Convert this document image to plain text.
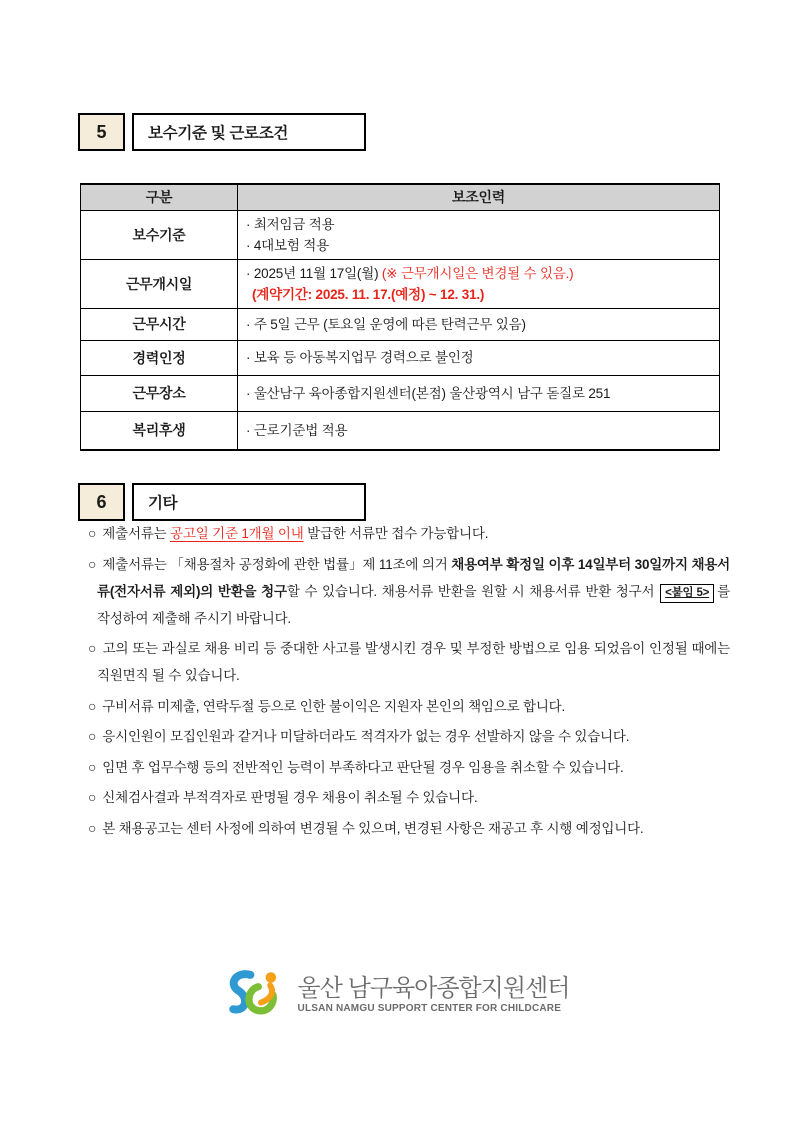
5	보수기준 및 근로조건
구분	보조인력
보수기준	· 최저임금 적용
· 4대보험 적용

근무개시일	· 2025년 11월 17일(월) (※ 근무개시일은 변경될 수 있음.)
(계약기간: 2025. 11. 17.(예정) ~ 12. 31.)

근무시간	· 주 5일 근무 (토요일 운영에 따른 탄력근무 있음)

경력인정	· 보육 등 아동복지업무 경력으로 불인정

근무장소	· 울산남구 육아종합지원센터(본점) 울산광역시 남구 돋질로 251

복리후생	· 근로기준법 적용
6	기타
○ 제출서류는 공고일 기준 1개월 이내 발급한 서류만 접수 가능합니다.
○ 제출서류는 「채용절차 공정화에 관한 법률」제 11조에 의거 채용여부 확정일 이후 14일부터 30일까지 채용서류(전자서류 제외)의 반환을 청구할 수 있습니다. 채용서류 반환을 원할 시 채용서류 반환 청구서 <붙임 5> 를 작성하여 제출해 주시기 바랍니다.
○ 고의 또는 과실로 채용 비리 등 중대한 사고를 발생시킨 경우 및 부정한 방법으로 임용 되었음이 인정될 때에는 직원면직 될 수 있습니다.
○ 구비서류 미제출, 연락두절 등으로 인한 불이익은 지원자 본인의 책임으로 합니다.
○ 응시인원이 모집인원과 같거나 미달하더라도 적격자가 없는 경우 선발하지 않을 수 있습니다.
○ 임면 후 업무수행 등의 전반적인 능력이 부족하다고 판단될 경우 임용을 취소할 수 있습니다.
○ 신체검사결과 부적격자로 판명될 경우 채용이 취소될 수 있습니다.
○ 본 채용공고는 센터 사정에 의하여 변경될 수 있으며, 변경된 사항은 재공고 후 시행 예정입니다.
울산 남구육아종합지원센터
ULSAN NAMGU SUPPORT CENTER FOR CHILDCARE
